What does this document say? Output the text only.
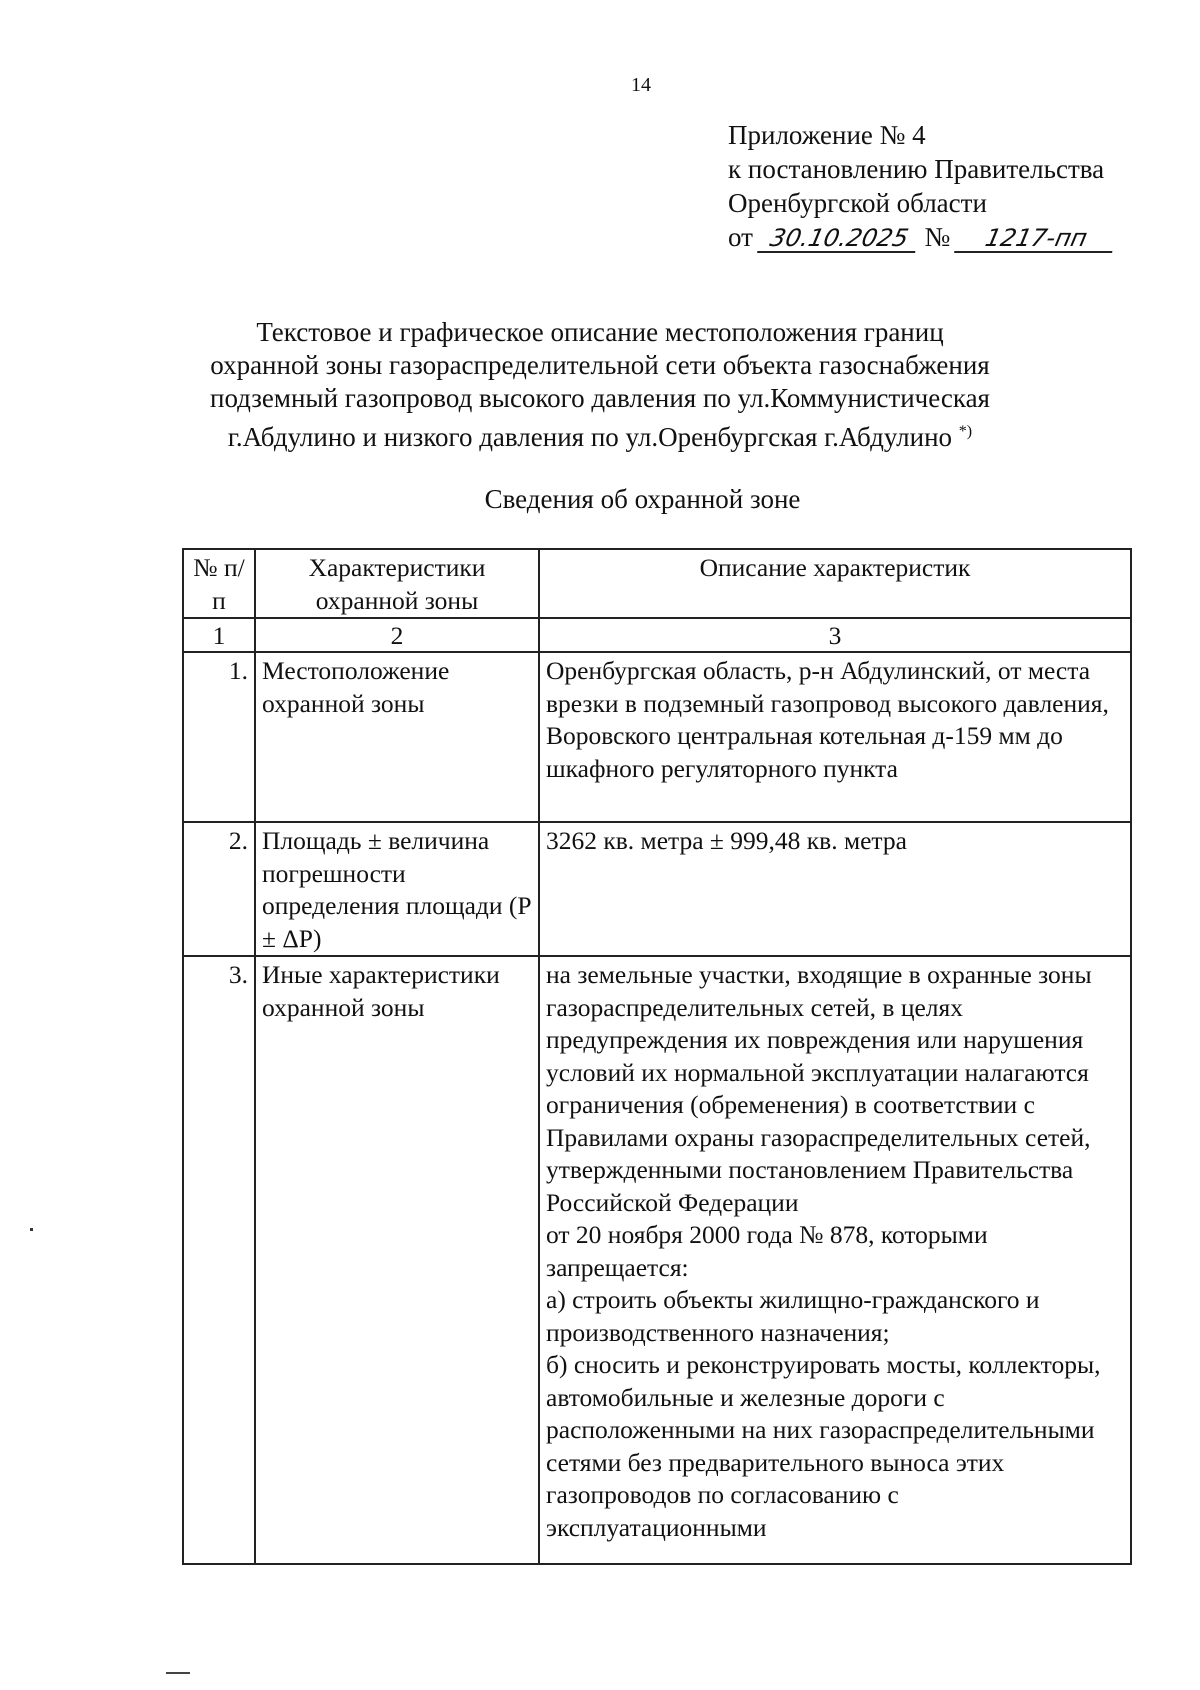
14
Приложение № 4
к постановлению Правительства
Оренбургской области
от 30.10.2025 № 1217-пп
Текстовое и графическое описание местоположения границ
охранной зоны газораспределительной сети объекта газоснабжения
подземный газопровод высокого давления по ул.Коммунистическая
г.Абдулино и низкого давления по ул.Оренбургская г.Абдулино *)
Сведения об охранной зоне
№ п/п	Характеристики охранной зоны	Описание характеристик
1	2	3
1.	Местоположение охранной зоны	Оренбургская область, р-н Абдулинский, от места врезки в подземный газопровод высокого давления, Воровского центральная котельная д-159 мм до шкафного регуляторного пункта
2.	Площадь ± величина погрешности определения площади (P ± ΔP)	3262 кв. метра ± 999,48 кв. метра
3.	Иные характеристики охранной зоны	на земельные участки, входящие в охранные зоны газораспределительных сетей, в целях предупреждения их повреждения или нарушения условий их нормальной эксплуатации налагаются ограничения (обременения) в соответствии с Правилами охраны газораспределительных сетей, утвержденными постановлением Правительства Российской Федерации
от 20 ноября 2000 года № 878, которыми запрещается:
а) строить объекты жилищно-гражданского и производственного назначения;
б) сносить и реконструировать мосты, коллекторы, автомобильные и железные дороги с расположенными на них газораспределительными сетями без предварительного выноса этих газопроводов по согласованию с эксплуатационными
